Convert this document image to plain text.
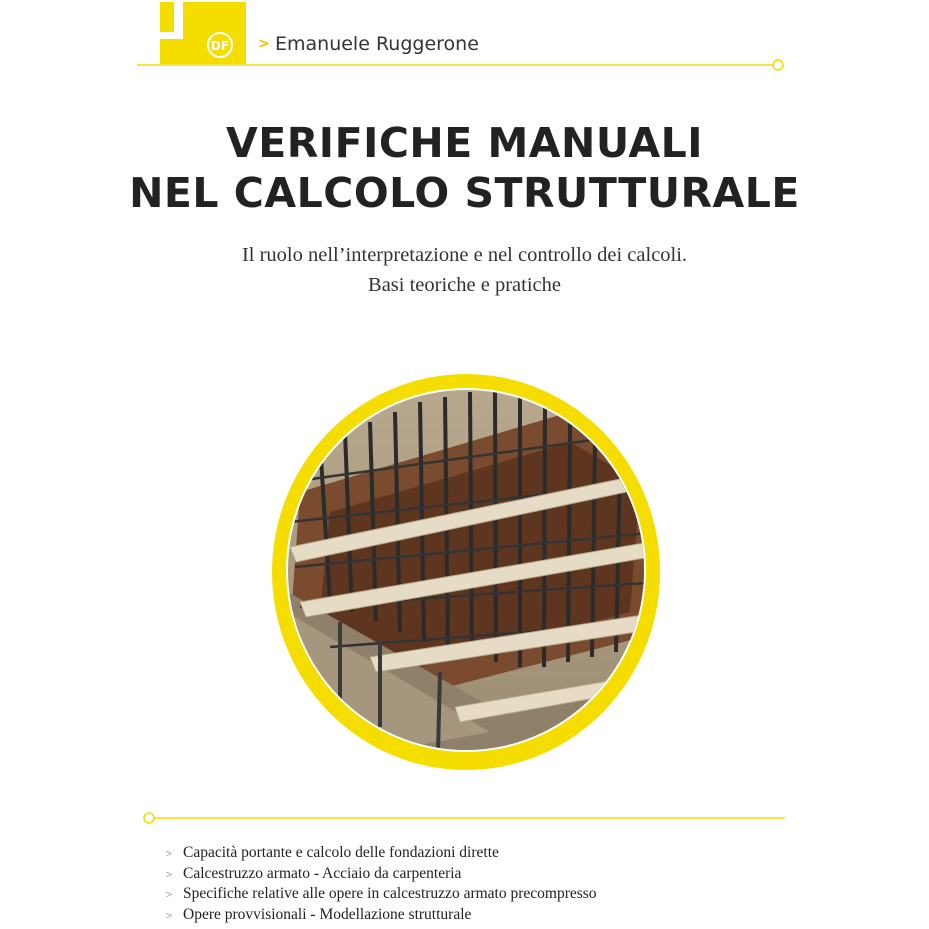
DF > Emanuele Ruggerone
VERIFICHE MANUALI
NEL CALCOLO STRUTTURALE
Il ruolo nell’interpretazione e nel controllo dei calcoli.
Basi teoriche e pratiche
> Capacità portante e calcolo delle fondazioni dirette
> Calcestruzzo armato - Acciaio da carpenteria
> Specifiche relative alle opere in calcestruzzo armato precompresso
> Opere provvisionali - Modellazione strutturale
